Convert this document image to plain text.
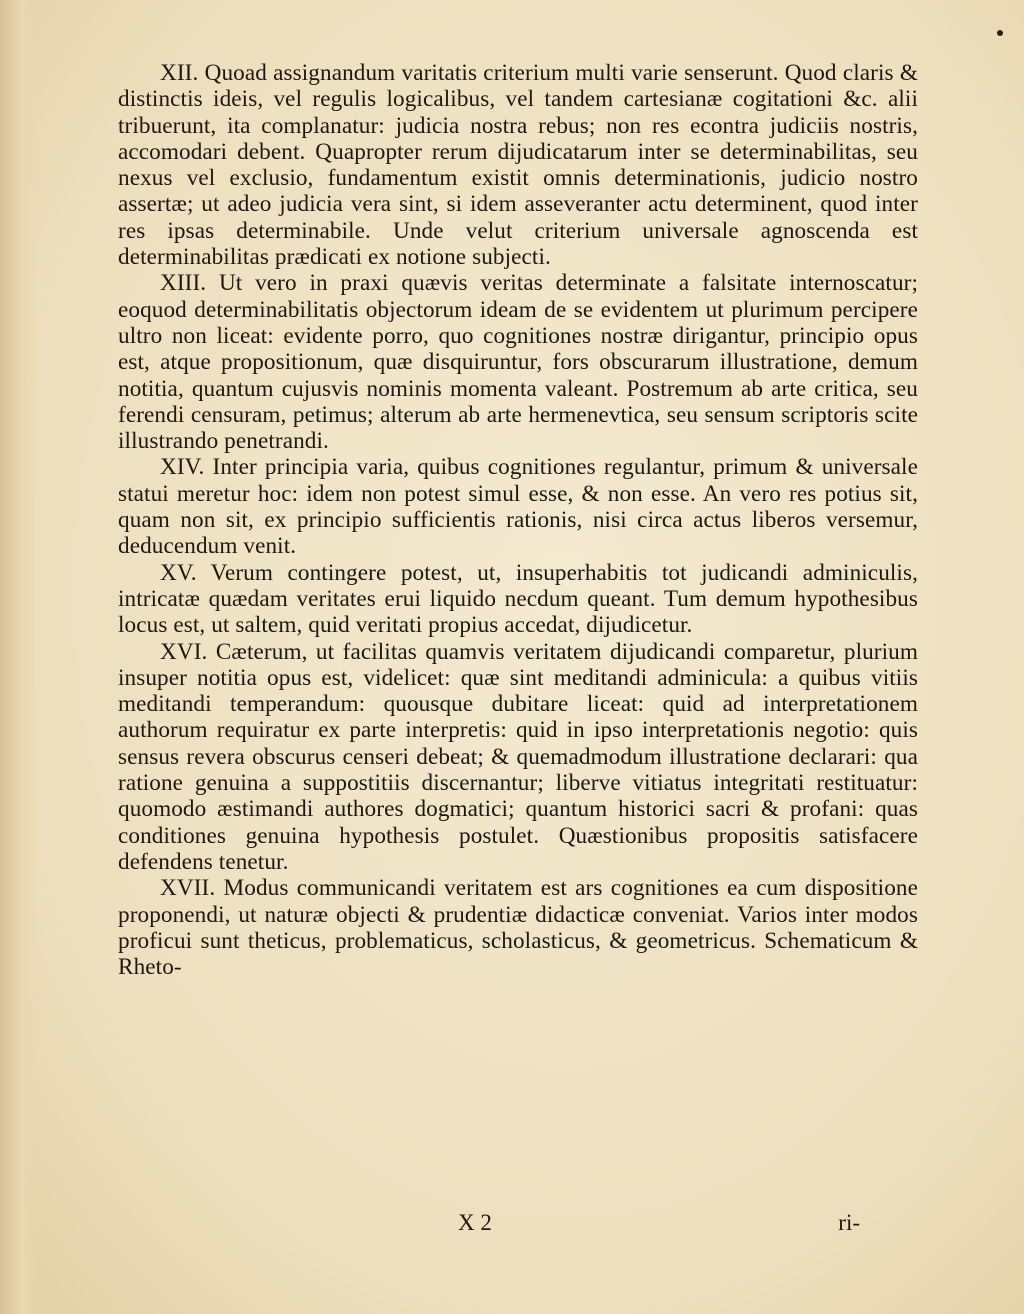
XII. Quoad assignandum varitatis criterium multi varie senserunt. Quod claris & distinctis ideis, vel regulis logicalibus, vel tandem cartesianæ cogitationi &c. alii tribuerunt, ita complanatur: judicia nostra rebus; non res econtra judiciis nostris, accomodari debent. Quapropter rerum dijudicatarum inter se determinabilitas, seu nexus vel exclusio, fundamentum existit omnis determinationis, judicio nostro assertæ; ut adeo judicia vera sint, si idem asseveranter actu determinent, quod inter res ipsas determinabile. Unde velut criterium universale agnoscenda est determinabilitas prædicati ex notione subjecti.

XIII. Ut vero in praxi quævis veritas determinate a falsitate internoscatur; eoquod determinabilitatis objectorum ideam de se evidentem ut plurimum percipere ultro non liceat: evidente porro, quo cognitiones nostræ dirigantur, principio opus est, atque propositionum, quæ disquiruntur, fors obscurarum illustratione, demum notitia, quantum cujusvis nominis momenta valeant. Postremum ab arte critica, seu ferendi censuram, petimus; alterum ab arte hermenevtica, seu sensum scriptoris scite illustrando penetrandi.

XIV. Inter principia varia, quibus cognitiones regulantur, primum & universale statui meretur hoc: idem non potest simul esse, & non esse. An vero res potius sit, quam non sit, ex principio sufficientis rationis, nisi circa actus liberos versemur, deducendum venit.

XV. Verum contingere potest, ut, insuperhabitis tot judicandi adminiculis, intricatæ quædam veritates erui liquido necdum queant. Tum demum hypothesibus locus est, ut saltem, quid veritati propius accedat, dijudicetur.

XVI. Cæterum, ut facilitas quamvis veritatem dijudicandi comparetur, plurium insuper notitia opus est, videlicet: quæ sint meditandi adminicula: a quibus vitiis meditandi temperandum: quousque dubitare liceat: quid ad interpretationem authorum requiratur ex parte interpretis: quid in ipso interpretationis negotio: quis sensus revera obscurus censeri debeat; & quemadmodum illustratione declarari: qua ratione genuina a suppostitiis discernantur; liberve vitiatus integritati restituatur: quomodo æstimandi authores dogmatici; quantum historici sacri & profani: quas conditiones genuina hypothesis postulet. Quæstionibus propositis satisfacere defendens tenetur.

XVII. Modus communicandi veritatem est ars cognitiones ea cum dispositione proponendi, ut naturæ objecti & prudentiæ didacticæ conveniat. Varios inter modos proficui sunt theticus, problematicus, scholasticus, & geometricus. Schematicum & Rheto-

X 2	ri-
